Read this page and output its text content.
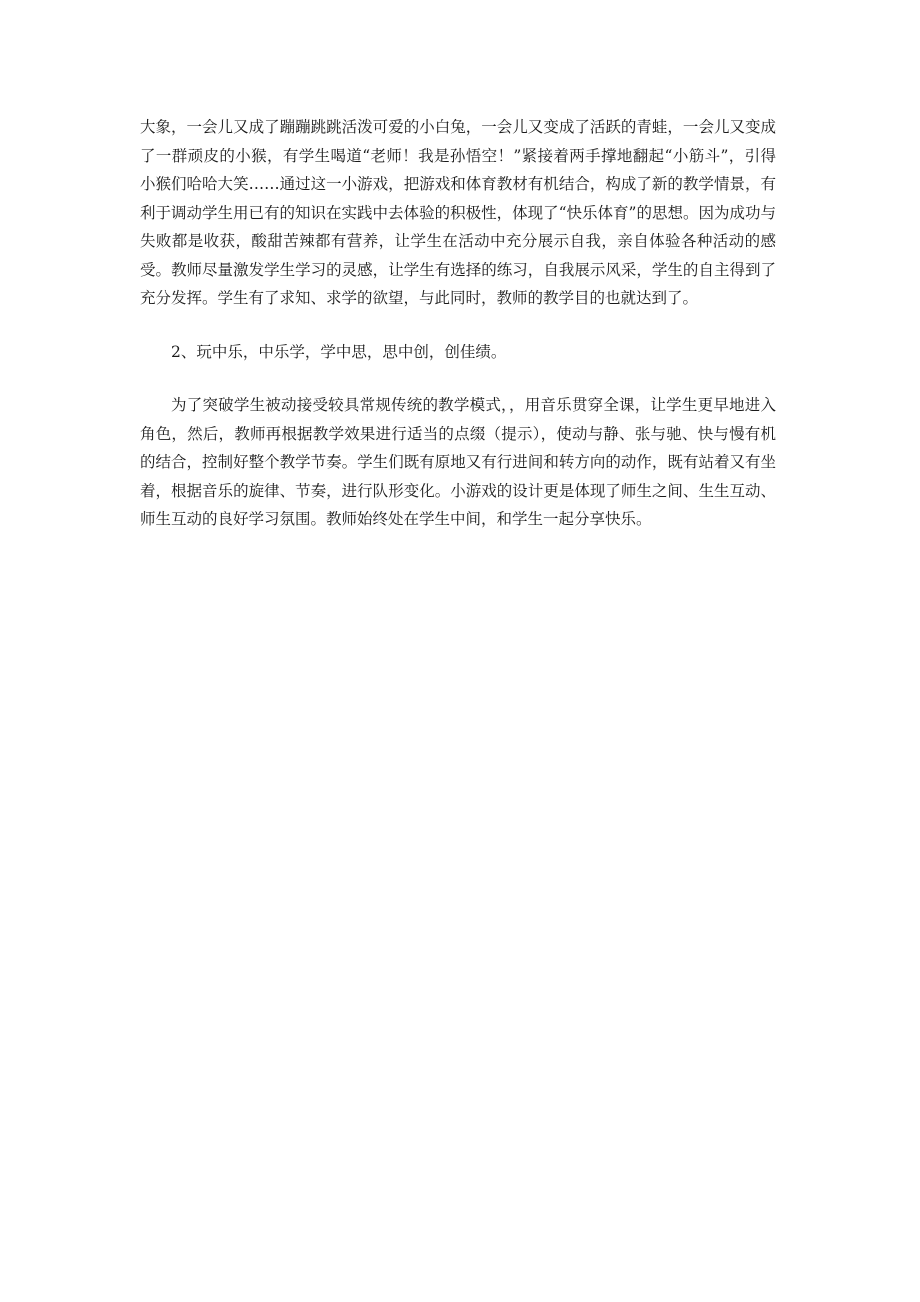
大象，一会儿又成了蹦蹦跳跳活泼可爱的小白兔，一会儿又变成了活跃的青蛙，一会儿又变成了一群顽皮的小猴，有学生喝道“老师！我是孙悟空！”紧接着两手撑地翻起“小筋斗”，引得小猴们哈哈大笑……通过这一小游戏，把游戏和体育教材有机结合，构成了新的教学情景，有利于调动学生用已有的知识在实践中去体验的积极性，体现了“快乐体育”的思想。因为成功与失败都是收获，酸甜苦辣都有营养，让学生在活动中充分展示自我，亲自体验各种活动的感受。教师尽量激发学生学习的灵感，让学生有选择的练习，自我展示风采，学生的自主得到了充分发挥。学生有了求知、求学的欲望，与此同时，教师的教学目的也就达到了。

2、玩中乐，中乐学，学中思，思中创，创佳绩。

为了突破学生被动接受较具常规传统的教学模式，，用音乐贯穿全课，让学生更早地进入角色，然后，教师再根据教学效果进行适当的点缀（提示），使动与静、张与驰、快与慢有机的结合，控制好整个教学节奏。学生们既有原地又有行进间和转方向的动作，既有站着又有坐着，根据音乐的旋律、节奏，进行队形变化。小游戏的设计更是体现了师生之间、生生互动、师生互动的良好学习氛围。教师始终处在学生中间，和学生一起分享快乐。
